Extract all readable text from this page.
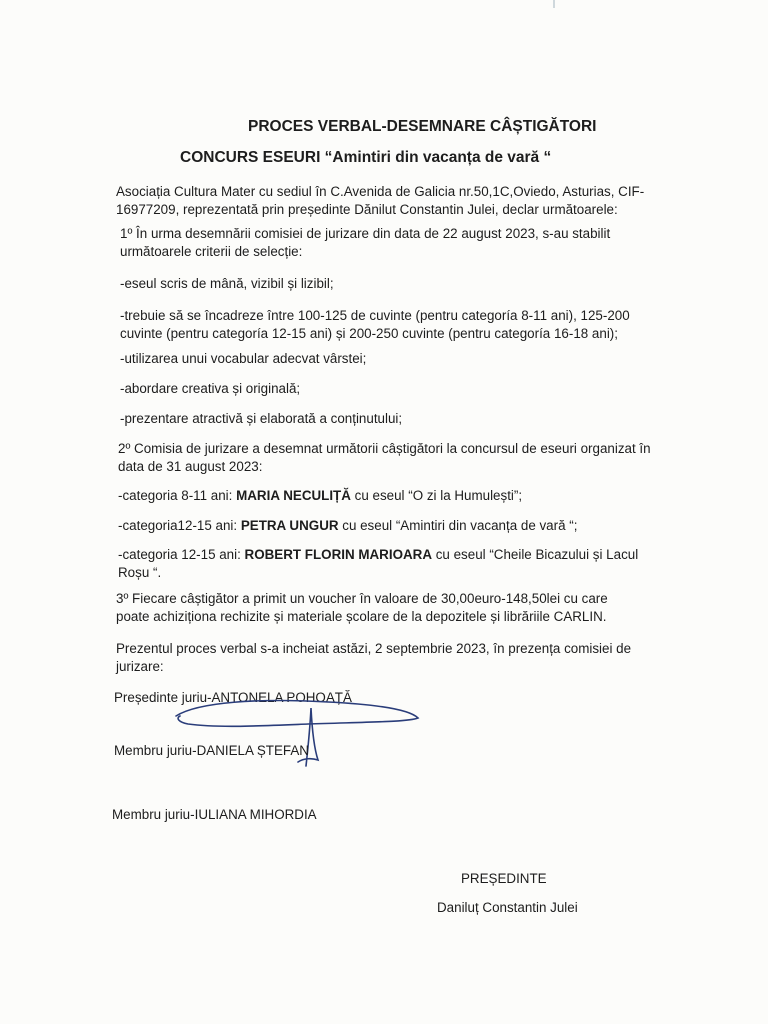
PROCES VERBAL-DESEMNARE CÂȘTIGĂTORI
CONCURS ESEURI “Amintiri din vacanța de vară “
Asociația Cultura Mater cu sediul în C.Avenida de Galicia nr.50,1C,Oviedo, Asturias, CIF-16977209, reprezentată prin președinte Dănilut Constantin Julei, declar următoarele:
1º În urma desemnării comisiei de jurizare din data de 22 august 2023, s-au stabilit următoarele criterii de selecție:
-eseul scris de mână, vizibil și lizibil;
-trebuie să se încadreze între 100-125 de cuvinte (pentru categoría 8-11 ani), 125-200 cuvinte (pentru categoría 12-15 ani) și 200-250 cuvinte (pentru categoría 16-18 ani);
-utilizarea unui vocabular adecvat vârstei;
-abordare creativa și originală;
-prezentare atractivă și elaborată a conținutului;
2º Comisia de jurizare a desemnat următorii câștigători la concursul de eseuri organizat în data de 31 august 2023:
-categoria 8-11 ani: MARIA NECULIȚĂ cu eseul “O zi la Humulești”;
-categoria12-15 ani: PETRA UNGUR cu eseul “Amintiri din vacanța de vară “;
-categoria 12-15 ani: ROBERT FLORIN MARIOARA cu eseul “Cheile Bicazului și Lacul Roșu “.
3º Fiecare câștigător a primit un voucher în valoare de 30,00euro-148,50lei cu care poate achiziționa rechizite și materiale școlare de la depozitele și librăriile CARLIN.
Prezentul proces verbal s-a incheiat astăzi, 2 septembrie 2023, în prezența comisiei de jurizare:
Președinte juriu-ANTONELA POHOAȚĂ
Membru juriu-DANIELA ȘTEFAN
Membru juriu-IULIANA MIHORDIA
PREȘEDINTE
Daniluț Constantin Julei
